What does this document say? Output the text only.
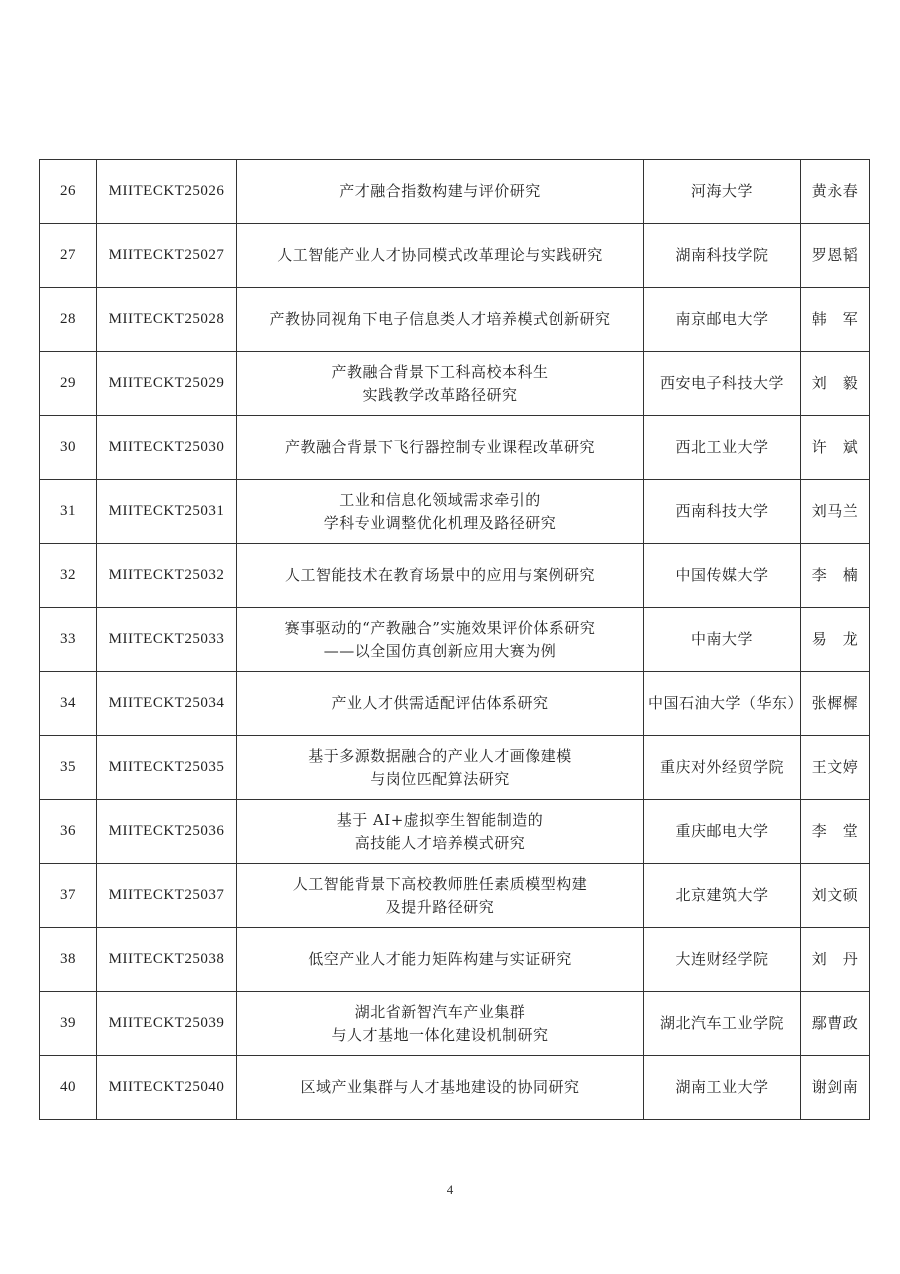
26	MIITECKT25026	产才融合指数构建与评价研究	河海大学	黄永春
27	MIITECKT25027	人工智能产业人才协同模式改革理论与实践研究	湖南科技学院	罗恩韬
28	MIITECKT25028	产教协同视角下电子信息类人才培养模式创新研究	南京邮电大学	韩　军
29	MIITECKT25029	产教融合背景下工科高校本科生
实践教学改革路径研究	西安电子科技大学	刘　毅
30	MIITECKT25030	产教融合背景下飞行器控制专业课程改革研究	西北工业大学	许　斌
31	MIITECKT25031	工业和信息化领域需求牵引的
学科专业调整优化机理及路径研究	西南科技大学	刘马兰
32	MIITECKT25032	人工智能技术在教育场景中的应用与案例研究	中国传媒大学	李　楠
33	MIITECKT25033	赛事驱动的“产教融合”实施效果评价体系研究
——以全国仿真创新应用大赛为例	中南大学	易　龙
34	MIITECKT25034	产业人才供需适配评估体系研究	中国石油大学（华东）	张樨樨
35	MIITECKT25035	基于多源数据融合的产业人才画像建模
与岗位匹配算法研究	重庆对外经贸学院	王文婷
36	MIITECKT25036	基于 AI+虚拟孪生智能制造的
高技能人才培养模式研究	重庆邮电大学	李　堂
37	MIITECKT25037	人工智能背景下高校教师胜任素质模型构建
及提升路径研究	北京建筑大学	刘文硕
38	MIITECKT25038	低空产业人才能力矩阵构建与实证研究	大连财经学院	刘　丹
39	MIITECKT25039	湖北省新智汽车产业集群
与人才基地一体化建设机制研究	湖北汽车工业学院	鄢曹政
40	MIITECKT25040	区域产业集群与人才基地建设的协同研究	湖南工业大学	谢剑南
4
